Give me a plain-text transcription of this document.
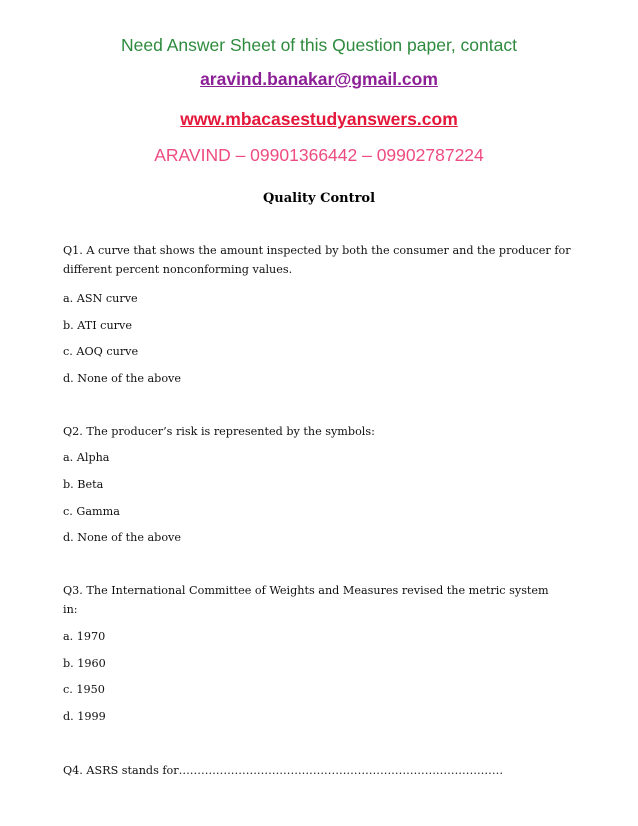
Need Answer Sheet of this Question paper, contact
aravind.banakar@gmail.com
www.mbacasestudyanswers.com
ARAVIND – 09901366442 – 09902787224
Quality Control
Q1. A curve that shows the amount inspected by both the consumer and the producer for
different percent nonconforming values.
a. ASN curve
b. ATI curve
c. AOQ curve
d. None of the above
Q2. The producer’s risk is represented by the symbols:
a. Alpha
b. Beta
c. Gamma
d. None of the above
Q3. The International Committee of Weights and Measures revised the metric system
in:
a. 1970
b. 1960
c. 1950
d. 1999
Q4. ASRS stands for……………………………………………………………………………
